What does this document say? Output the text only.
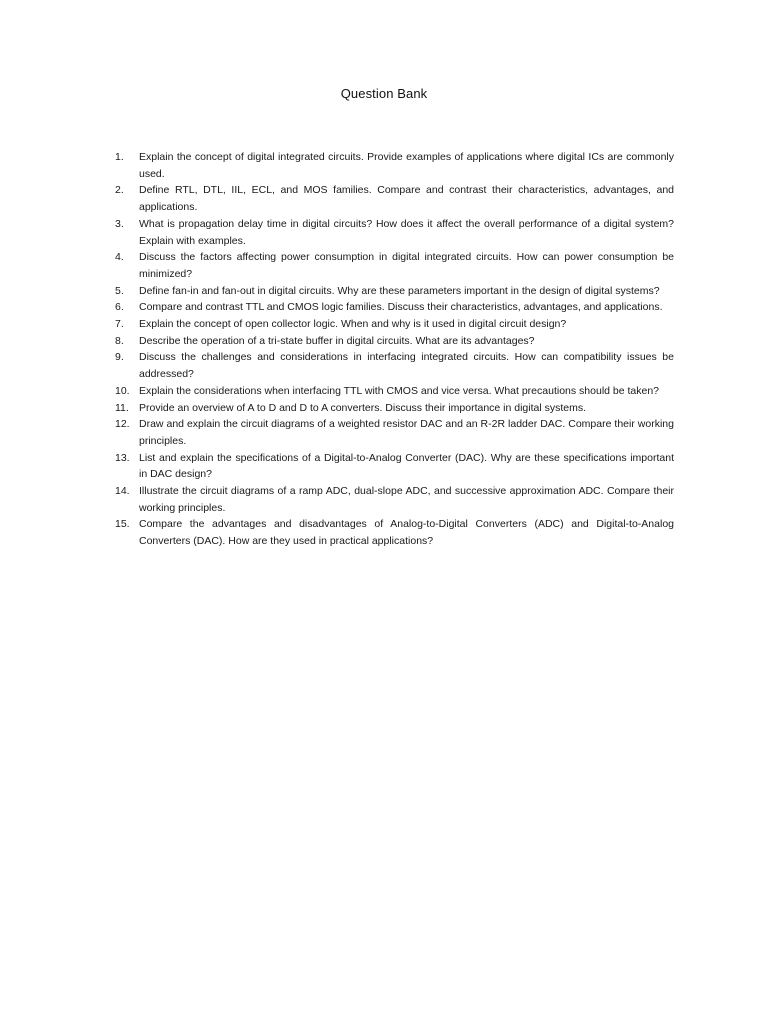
Question Bank
1.	Explain the concept of digital integrated circuits. Provide examples of applications where digital ICs are commonly used.
2.	Define RTL, DTL, IIL, ECL, and MOS families. Compare and contrast their characteristics, advantages, and applications.
3.	What is propagation delay time in digital circuits? How does it affect the overall performance of a digital system? Explain with examples.
4.	Discuss the factors affecting power consumption in digital integrated circuits. How can power consumption be minimized?
5.	Define fan-in and fan-out in digital circuits. Why are these parameters important in the design of digital systems?
6.	Compare and contrast TTL and CMOS logic families. Discuss their characteristics, advantages, and applications.
7.	Explain the concept of open collector logic. When and why is it used in digital circuit design?
8.	Describe the operation of a tri-state buffer in digital circuits. What are its advantages?
9.	Discuss the challenges and considerations in interfacing integrated circuits. How can compatibility issues be addressed?
10. Explain the considerations when interfacing TTL with CMOS and vice versa. What precautions should be taken?
11. Provide an overview of A to D and D to A converters. Discuss their importance in digital systems.
12. Draw and explain the circuit diagrams of a weighted resistor DAC and an R-2R ladder DAC. Compare their working principles.
13. List and explain the specifications of a Digital-to-Analog Converter (DAC). Why are these specifications important in DAC design?
14. Illustrate the circuit diagrams of a ramp ADC, dual-slope ADC, and successive approximation ADC. Compare their working principles.
15. Compare the advantages and disadvantages of Analog-to-Digital Converters (ADC) and Digital-to-Analog Converters (DAC). How are they used in practical applications?
